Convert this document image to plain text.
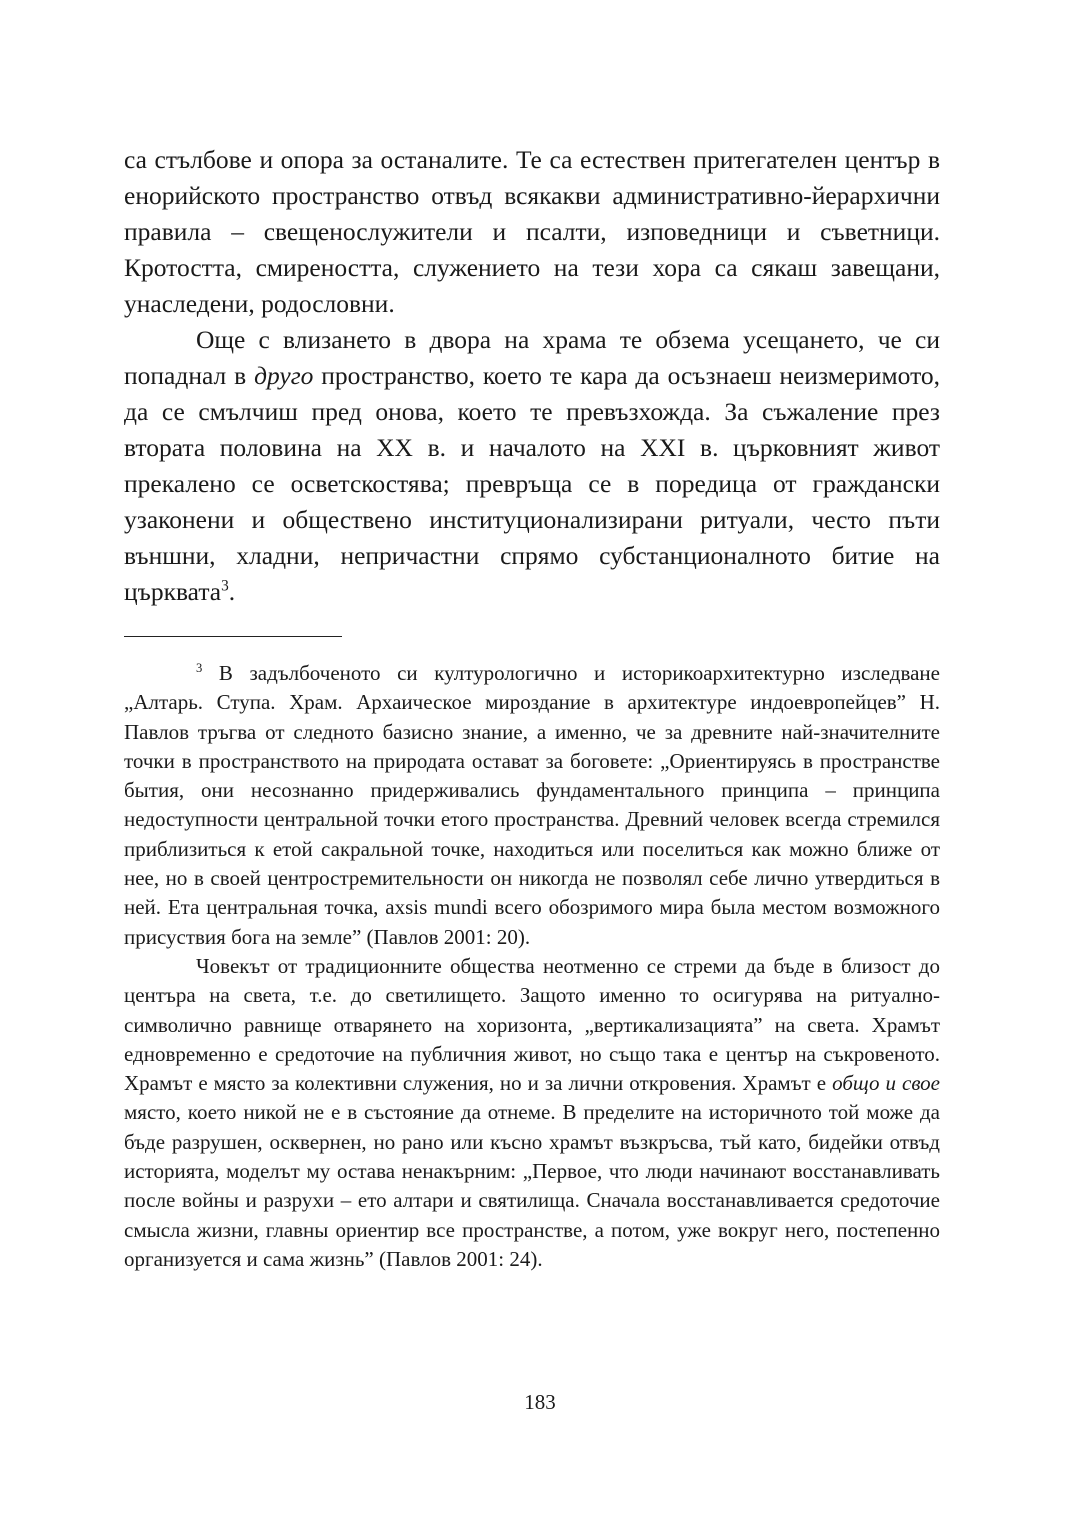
са стълбове и опора за останалите. Те са естествен притегателен център в енорийското пространство отвъд всякакви административно-йерархични правила – свещенослужители и псалти, изповедници и съветници. Кротостта, смиреността, служението на тези хора са сякаш завещани, унаследени, родословни.

Още с влизането в двора на храма те обзема усещането, че си попаднал в друго пространство, което те кара да осъзнаеш неизмеримото, да се смълчиш пред онова, което те превъзхожда. За съжаление през втората половина на XX в. и началото на XXI в. църковният живот прекалено се осветскостява; превръща се в поредица от граждански узаконени и обществено институционализирани ритуали, често пъти външни, хладни, непричастни спрямо субстанционалното битие на църквата$^3$.

$^3$ В задълбоченото си културологично и историкоархитектурно изследване „Алтарь. Ступа. Храм. Архаическое мироздание в архитектуре индоевропейцев” Н. Павлов тръгва от следното базисно знание, а именно, че за древните най-значителните точки в пространството на природата остават за боговете: „Ориентируясь в пространстве бытия, они несознанно придерживались фундаментального принципа – принципа недоступности центральной точки етого пространства. Древний человек всегда стремился приблизиться к етой сакральной точке, находиться или поселиться как можно ближе от нее, но в своей центростремительности он никогда не позволял себе лично утвердиться в ней. Ета центральная точка, axsis mundi всего обозримого мира была местом возможного присуствия бога на земле” (Павлов 2001: 20).

Човекът от традиционните общества неотменно се стреми да бъде в близост до центъра на света, т.е. до светилището. Защото именно то осигурява на ритуално-символично равнище отварянето на хоризонта, „вертикализацията” на света. Храмът едновременно е средоточие на публичния живот, но също така е център на съкровеното. Храмът е място за колективни служения, но и за лични откровения. Храмът е общо и свое място, което никой не е в състояние да отнеме. В пределите на историчното той може да бъде разрушен, осквернен, но рано или късно храмът възкръсва, тъй като, бидейки отвъд историята, моделът му остава ненакърним: „Первое, что люди начинают восстанавливать после войны и разрухи – ето алтари и святилища. Сначала восстанавливается средоточие смысла жизни, главны ориентир все пространстве, а потом, уже вокруг него, постепенно организуется и сама жизнь” (Павлов 2001: 24).

183
